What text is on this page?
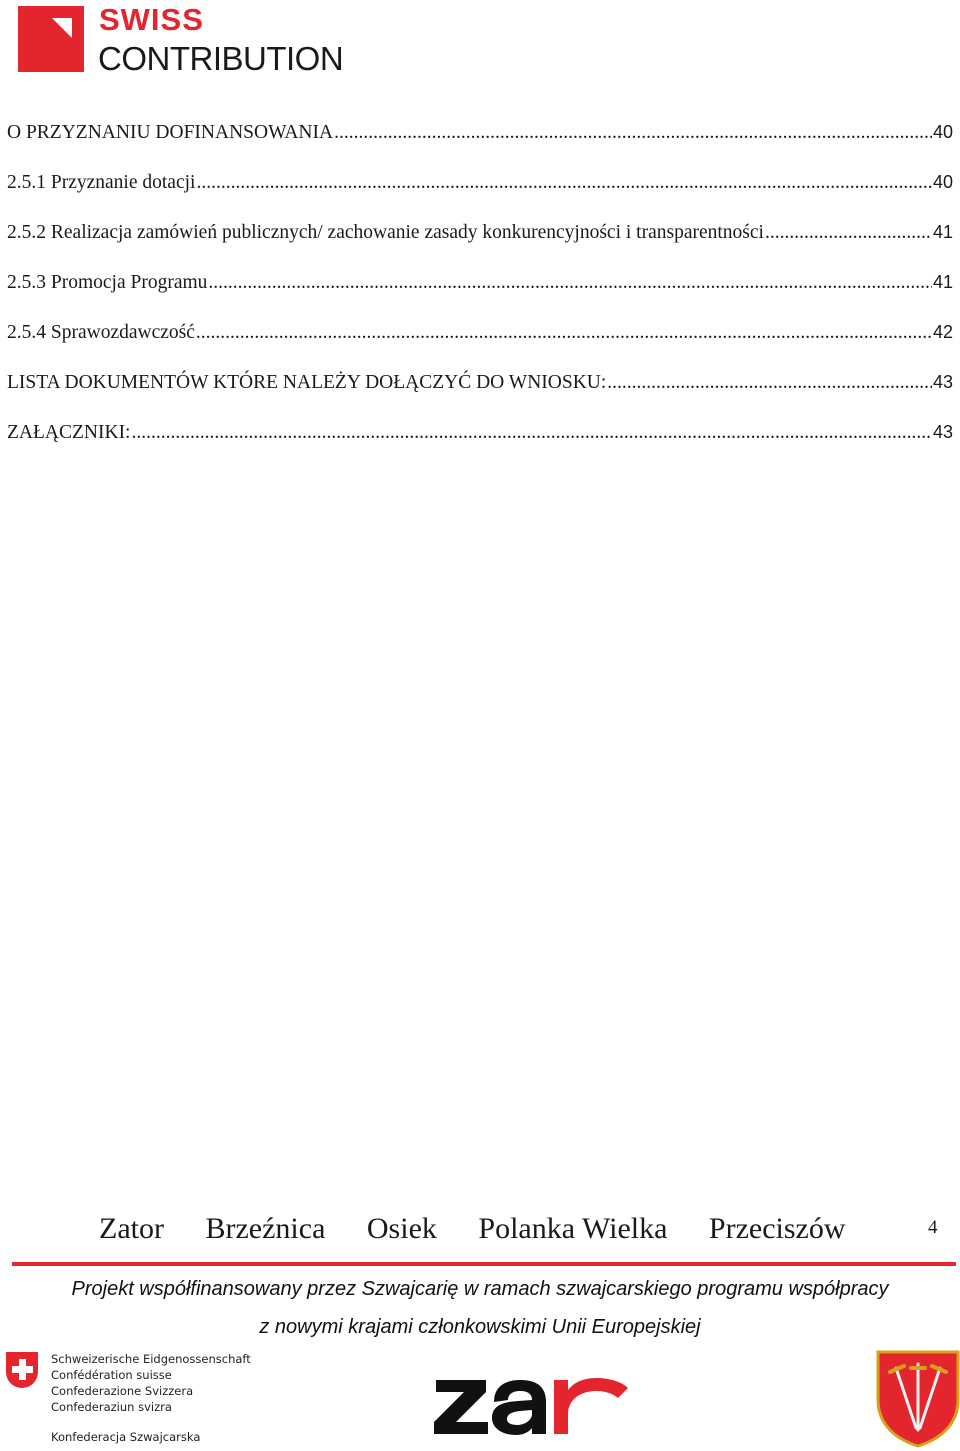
SWISS
CONTRIBUTION
O PRZYZNANIU DOFINANSOWANIA .....	40
2.5.1 Przyznanie dotacji .....	40
2.5.2 Realizacja zamówień publicznych/ zachowanie zasady konkurencyjności i transparentności .....	41
2.5.3 Promocja Programu .....	41
2.5.4 Sprawozdawczość .....	42
LISTA DOKUMENTÓW KTÓRE NALEŻY DOŁĄCZYĆ DO WNIOSKU: .....	43
ZAŁĄCZNIKI: .....	43
Zator Brzeźnica Osiek Polanka Wielka Przeciszów	4
Projekt współfinansowany przez Szwajcarię w ramach szwajcarskiego programu współpracy
z nowymi krajami członkowskimi Unii Europejskiej
Schweizerische Eidgenossenschaft
Confédération suisse
Confederazione Svizzera
Confederaziun svizra
Konfederacja Szwajcarska
